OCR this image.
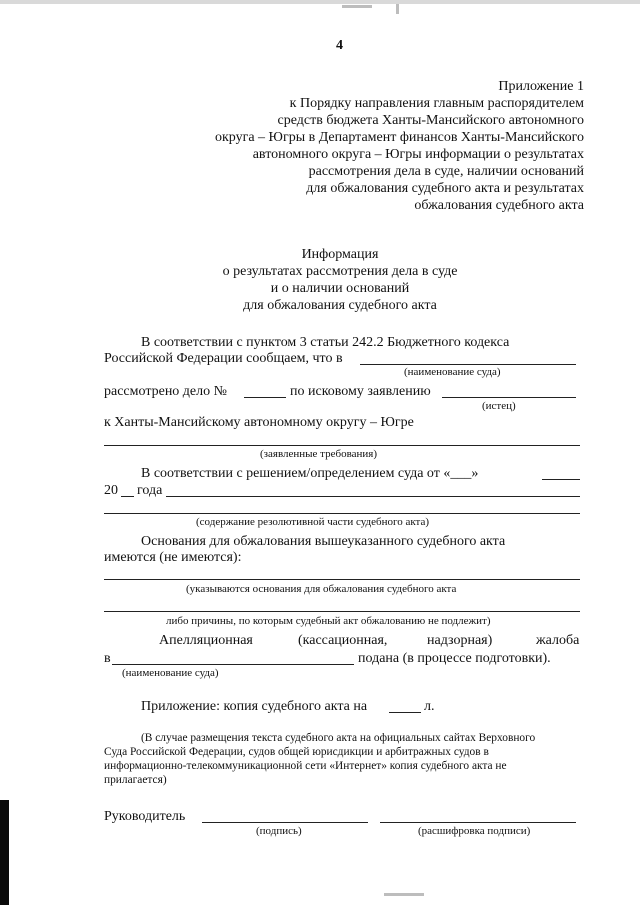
4
Приложение 1
к Порядку направления главным распорядителем
средств бюджета Ханты-Мансийского автономного
округа – Югры в Департамент финансов Ханты-Мансийского
автономного округа – Югры информации о результатах
рассмотрения дела в суде, наличии оснований
для обжалования судебного акта и результатах
обжалования судебного акта
Информация
о результатах рассмотрения дела в суде
и о наличии оснований
для обжалования судебного акта
В соответствии с пунктом 3 статьи 242.2 Бюджетного кодекса
Российской Федерации сообщаем, что в
(наименование суда)
рассмотрено дело №	по исковому заявлению
(истец)
к Ханты-Мансийскому автономному округу – Югре
(заявленные требования)
В соответствии с решением/определением суда от «___»
20 года
(содержание резолютивной части судебного акта)
Основания для обжалования вышеуказанного судебного акта
имеются (не имеются):
(указываются основания для обжалования судебного акта
либо причины, по которым судебный акт обжалованию не подлежит)
Апелляционная	(кассационная,	надзорная)	жалоба
в	подана (в процессе подготовки).
(наименование суда)
Приложение: копия судебного акта на	л.
(В случае размещения текста судебного акта на официальных сайтах Верховного
Суда Российской Федерации, судов общей юрисдикции и арбитражных судов в
информационно-телекоммуникационной сети «Интернет» копия судебного акта не
прилагается)
Руководитель
(подпись)	(расшифровка подписи)
